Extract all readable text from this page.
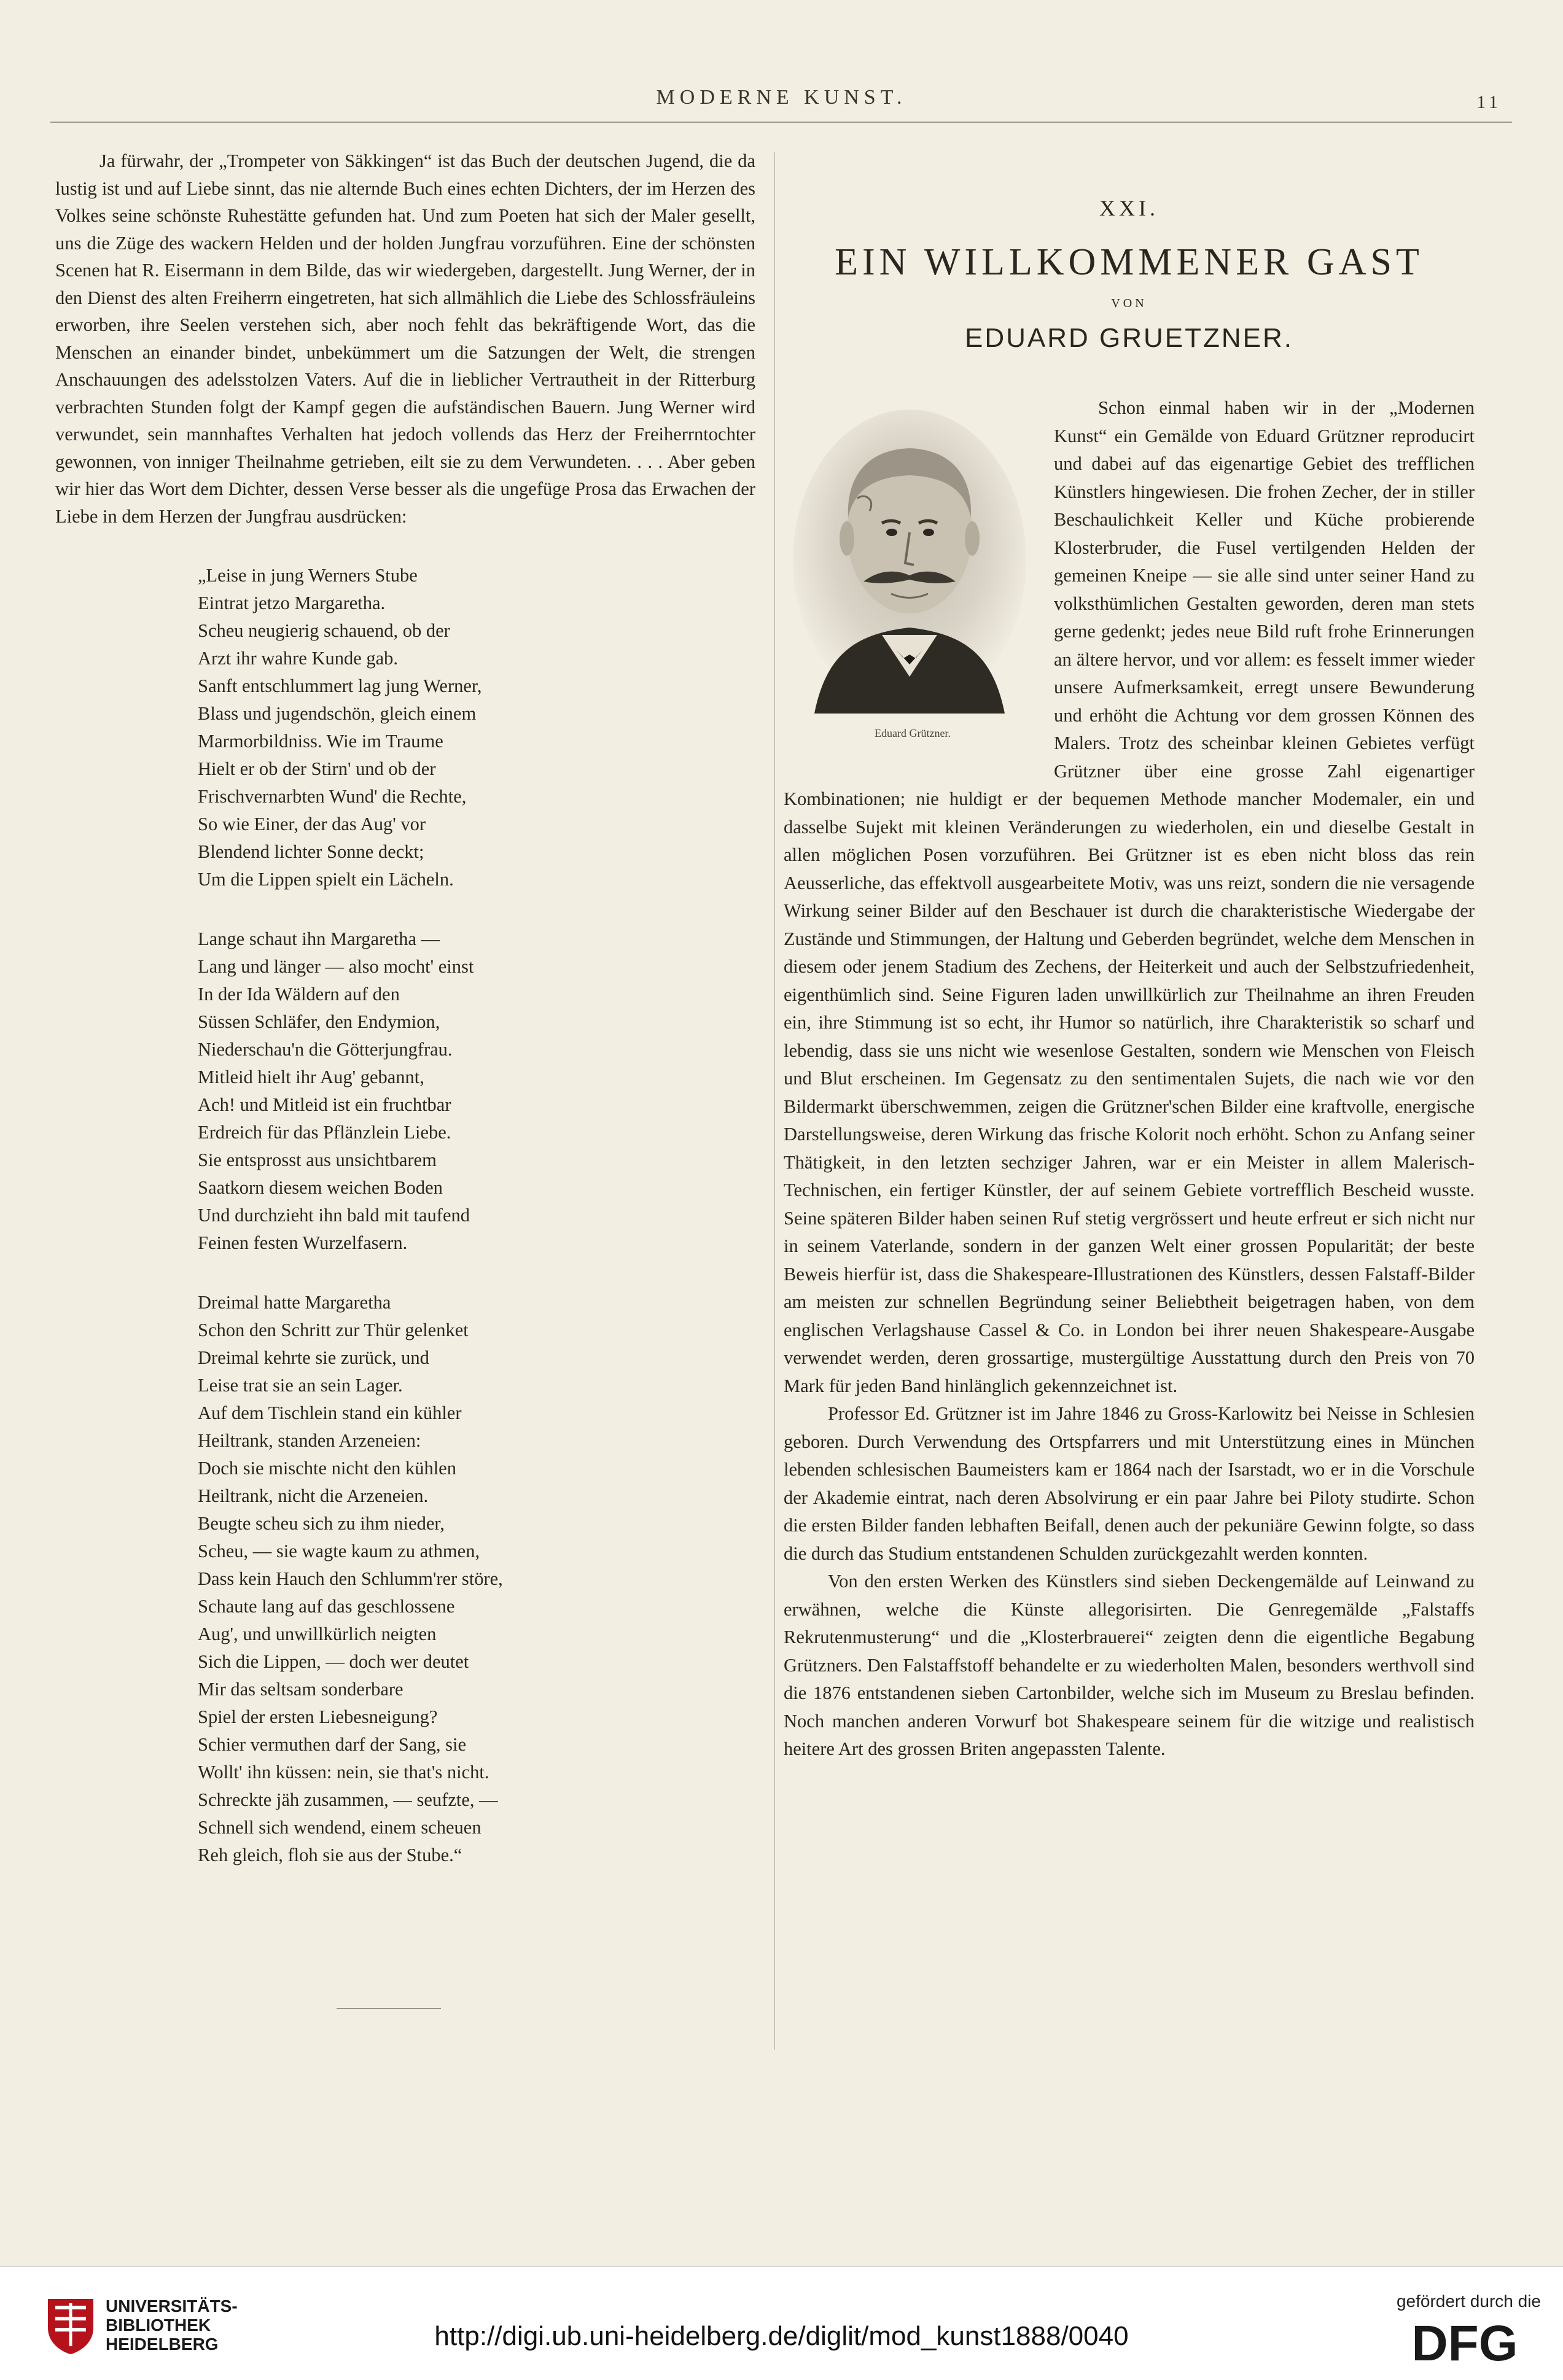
MODERNE KUNST.	11

Ja fürwahr, der „Trompeter von Säkkingen“ ist das Buch der deutschen Jugend, die da lustig ist und auf Liebe sinnt, das nie alternde Buch eines echten Dichters, der im Herzen des Volkes seine schönste Ruhestätte gefunden hat. Und zum Poeten hat sich der Maler gesellt, uns die Züge des wackern Helden und der holden Jungfrau vorzuführen. Eine der schönsten Scenen hat R. Eisermann in dem Bilde, das wir wiedergeben, dargestellt. Jung Werner, der in den Dienst des alten Freiherrn eingetreten, hat sich allmählich die Liebe des Schlossfräuleins erworben, ihre Seelen verstehen sich, aber noch fehlt das bekräftigende Wort, das die Menschen an einander bindet, unbekümmert um die Satzungen der Welt, die strengen Anschauungen des adelsstolzen Vaters. Auf die in lieblicher Vertrautheit in der Ritterburg verbrachten Stunden folgt der Kampf gegen die aufständischen Bauern. Jung Werner wird verwundet, sein mannhaftes Verhalten hat jedoch vollends das Herz der Freiherrntochter gewonnen, von inniger Theilnahme getrieben, eilt sie zu dem Verwundeten. . . . Aber geben wir hier das Wort dem Dichter, dessen Verse besser als die ungefüge Prosa das Erwachen der Liebe in dem Herzen der Jungfrau ausdrücken:

„Leise in jung Werners Stube
Eintrat jetzo Margaretha.
Scheu neugierig schauend, ob der
Arzt ihr wahre Kunde gab.
Sanft entschlummert lag jung Werner,
Blass und jugendschön, gleich einem
Marmorbildniss. Wie im Traume
Hielt er ob der Stirn' und ob der
Frischvernarbten Wund' die Rechte,
So wie Einer, der das Aug' vor
Blendend lichter Sonne deckt;
Um die Lippen spielt ein Lächeln.
Lange schaut ihn Margaretha —
Lang und länger — also mocht' einst
In der Ida Wäldern auf den
Süssen Schläfer, den Endymion,
Niederschau'n die Götterjungfrau.
Mitleid hielt ihr Aug' gebannt,
Ach! und Mitleid ist ein fruchtbar
Erdreich für das Pflänzlein Liebe.
Sie entsprosst aus unsichtbarem
Saatkorn diesem weichen Boden
Und durchzieht ihn bald mit taufend
Feinen festen Wurzelfasern.
Dreimal hatte Margaretha
Schon den Schritt zur Thür gelenket
Dreimal kehrte sie zurück, und
Leise trat sie an sein Lager.
Auf dem Tischlein stand ein kühler
Heiltrank, standen Arzeneien:
Doch sie mischte nicht den kühlen
Heiltrank, nicht die Arzeneien.
Beugte scheu sich zu ihm nieder,
Scheu, — sie wagte kaum zu athmen,
Dass kein Hauch den Schlumm'rer störe,
Schaute lang auf das geschlossene
Aug', und unwillkürlich neigten
Sich die Lippen, — doch wer deutet
Mir das seltsam sonderbare
Spiel der ersten Liebesneigung?
Schier vermuthen darf der Sang, sie
Wollt' ihn küssen: nein, sie that's nicht.
Schreckte jäh zusammen, — seufzte, —
Schnell sich wendend, einem scheuen
Reh gleich, floh sie aus der Stube.“
XXI.
EIN WILLKOMMENER GAST
VON
EDUARD GRUETZNER.
Eduard Grützner.

Schon einmal haben wir in der „Modernen Kunst“ ein Gemälde von Eduard Grützner reproducirt und dabei auf das eigenartige Gebiet des trefflichen Künstlers hingewiesen. Die frohen Zecher, der in stiller Beschaulichkeit Keller und Küche probierende Klosterbruder, die Fusel vertilgenden Helden der gemeinen Kneipe — sie alle sind unter seiner Hand zu volksthümlichen Gestalten geworden, deren man stets gerne gedenkt; jedes neue Bild ruft frohe Erinnerungen an ältere hervor, und vor allem: es fesselt immer wieder unsere Aufmerksamkeit, erregt unsere Bewunderung und erhöht die Achtung vor dem grossen Können des Malers. Trotz des scheinbar kleinen Gebietes verfügt Grützner über eine grosse Zahl eigenartiger Kombinationen; nie huldigt er der bequemen Methode mancher Modemaler, ein und dasselbe Sujekt mit kleinen Veränderungen zu wiederholen, ein und dieselbe Gestalt in allen möglichen Posen vorzuführen. Bei Grützner ist es eben nicht bloss das rein Aeusserliche, das effektvoll ausgearbeitete Motiv, was uns reizt, sondern die nie versagende Wirkung seiner Bilder auf den Beschauer ist durch die charakteristische Wiedergabe der Zustände und Stimmungen, der Haltung und Geberden begründet, welche dem Menschen in diesem oder jenem Stadium des Zechens, der Heiterkeit und auch der Selbstzufriedenheit, eigenthümlich sind. Seine Figuren laden unwillkürlich zur Theilnahme an ihren Freuden ein, ihre Stimmung ist so echt, ihr Humor so natürlich, ihre Charakteristik so scharf und lebendig, dass sie uns nicht wie wesenlose Gestalten, sondern wie Menschen von Fleisch und Blut erscheinen. Im Gegensatz zu den sentimentalen Sujets, die nach wie vor den Bildermarkt überschwemmen, zeigen die Grützner'schen Bilder eine kraftvolle, energische Darstellungsweise, deren Wirkung das frische Kolorit noch erhöht. Schon zu Anfang seiner Thätigkeit, in den letzten sechziger Jahren, war er ein Meister in allem Malerisch-Technischen, ein fertiger Künstler, der auf seinem Gebiete vortrefflich Bescheid wusste. Seine späteren Bilder haben seinen Ruf stetig vergrössert und heute erfreut er sich nicht nur in seinem Vaterlande, sondern in der ganzen Welt einer grossen Popularität; der beste Beweis hierfür ist, dass die Shakespeare-Illustrationen des Künstlers, dessen Falstaff-Bilder am meisten zur schnellen Begründung seiner Beliebtheit beigetragen haben, von dem englischen Verlagshause Cassel & Co. in London bei ihrer neuen Shakespeare-Ausgabe verwendet werden, deren grossartige, mustergültige Ausstattung durch den Preis von 70 Mark für jeden Band hinlänglich gekennzeichnet ist.

Professor Ed. Grützner ist im Jahre 1846 zu Gross-Karlowitz bei Neisse in Schlesien geboren. Durch Verwendung des Ortspfarrers und mit Unterstützung eines in München lebenden schlesischen Baumeisters kam er 1864 nach der Isarstadt, wo er in die Vorschule der Akademie eintrat, nach deren Absolvirung er ein paar Jahre bei Piloty studirte. Schon die ersten Bilder fanden lebhaften Beifall, denen auch der pekuniäre Gewinn folgte, so dass die durch das Studium entstandenen Schulden zurückgezahlt werden konnten.

Von den ersten Werken des Künstlers sind sieben Deckengemälde auf Leinwand zu erwähnen, welche die Künste allegorisirten. Die Genregemälde „Falstaffs Rekrutenmusterung“ und die „Klosterbrauerei“ zeigten denn die eigentliche Begabung Grützners. Den Falstaffstoff behandelte er zu wiederholten Malen, besonders werthvoll sind die 1876 entstandenen sieben Cartonbilder, welche sich im Museum zu Breslau befinden. Noch manchen anderen Vorwurf bot Shakespeare seinem für die witzige und realistisch heitere Art des grossen Briten angepassten Talente.

UNIVERSITÄTS-
BIBLIOTHEK
HEIDELBERG	http://digi.ub.uni-heidelberg.de/diglit/mod_kunst1888/0040
gefördert durch die
DFG
